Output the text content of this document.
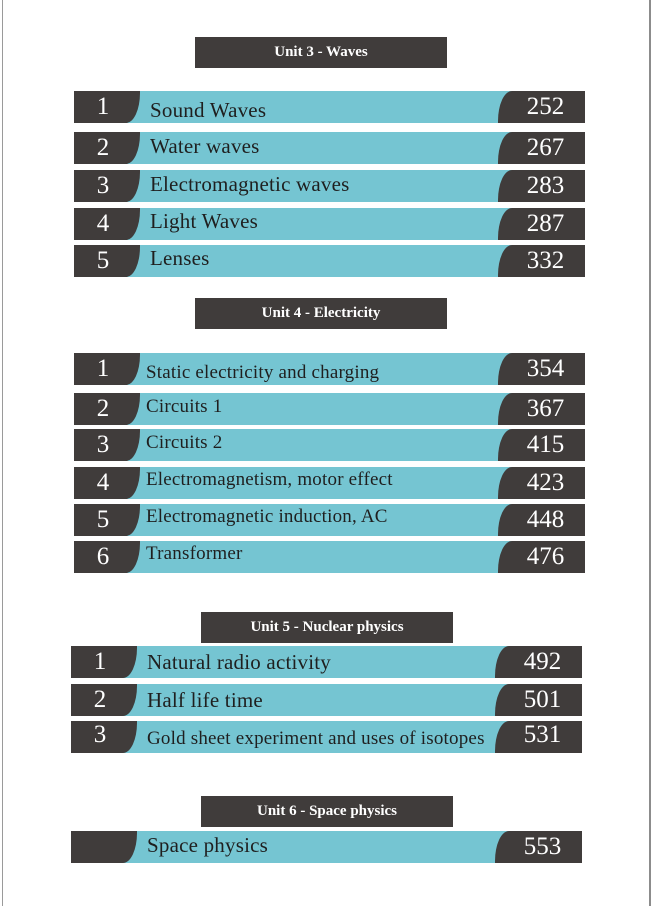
Unit 3 - Waves
1	Sound Waves	252
2	Water waves	267
3	Electromagnetic waves	283
4	Light Waves	287
5	Lenses	332
Unit 4 - Electricity
1	Static electricity and charging	354
2	Circuits 1	367
3	Circuits 2	415
4	Electromagnetism, motor effect	423
5	Electromagnetic induction, AC	448
6	Transformer	476
Unit 5 - Nuclear physics
1	Natural radio activity	492
2	Half life time	501
3	Gold sheet experiment and uses of isotopes	531
Unit 6 - Space physics
Space physics	553
